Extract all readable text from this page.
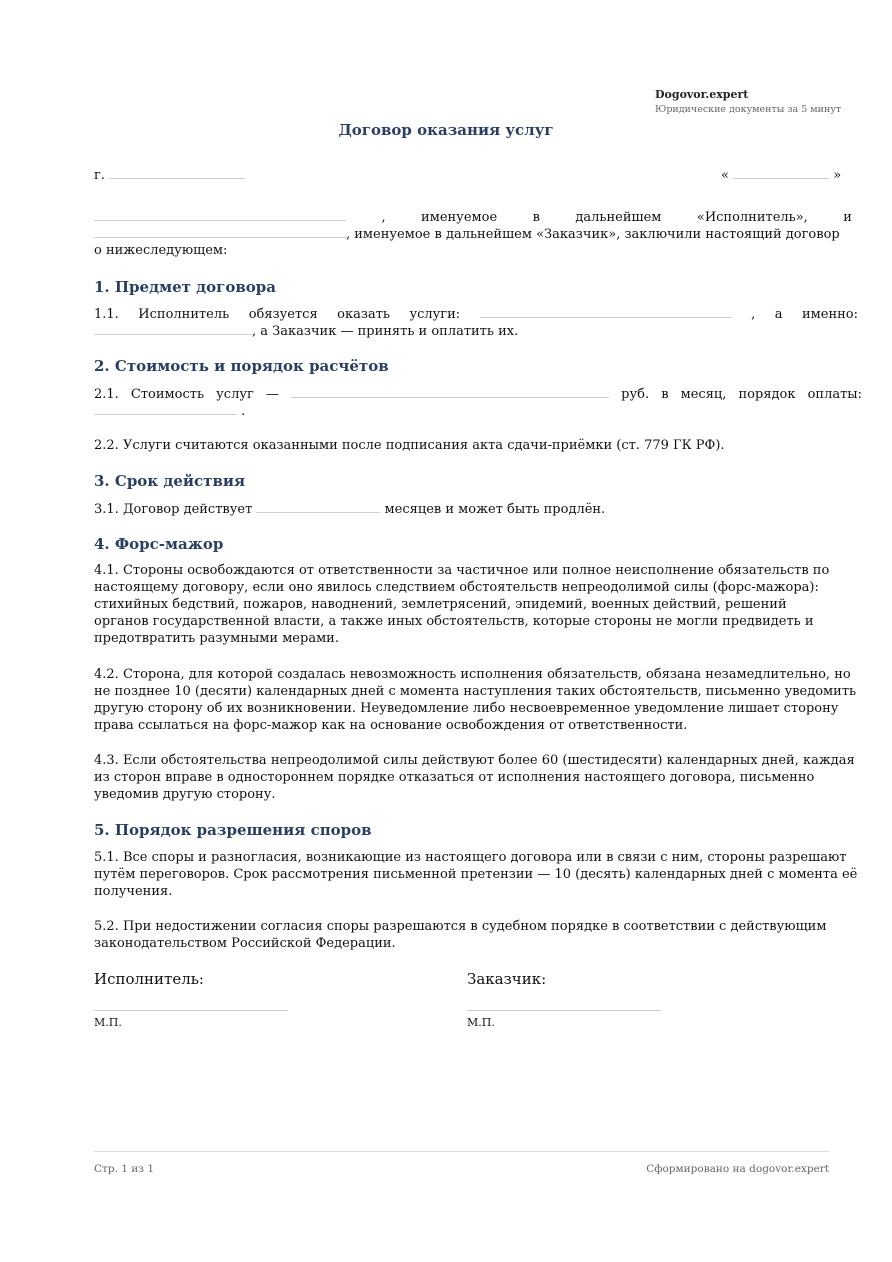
Dogovor.expert
Юридические документы за 5 минут
Договор оказания услуг
г.	«	»
,	именуемое	в	дальнейшем	«Исполнитель»,	и
, именуемое в дальнейшем «Заказчик», заключили настоящий договор
о нижеследующем:
1. Предмет договора
1.1. Исполнитель обязуется оказать услуги:	, а именно:
, а Заказчик — принять и оплатить их.
2. Стоимость и порядок расчётов
2.1. Стоимость услуг —	руб. в месяц, порядок оплаты:
.
2.2. Услуги считаются оказанными после подписания акта сдачи-приёмки (ст. 779 ГК РФ).
3. Срок действия
3.1. Договор действует	месяцев и может быть продлён.
4. Форс-мажор
4.1. Стороны освобождаются от ответственности за частичное или полное неисполнение обязательств по
настоящему договору, если оно явилось следствием обстоятельств непреодолимой силы (форс-мажора):
стихийных бедствий, пожаров, наводнений, землетрясений, эпидемий, военных действий, решений
органов государственной власти, а также иных обстоятельств, которые стороны не могли предвидеть и
предотвратить разумными мерами.
4.2. Сторона, для которой создалась невозможность исполнения обязательств, обязана незамедлительно, но
не позднее 10 (десяти) календарных дней с момента наступления таких обстоятельств, письменно уведомить
другую сторону об их возникновении. Неуведомление либо несвоевременное уведомление лишает сторону
права ссылаться на форс-мажор как на основание освобождения от ответственности.
4.3. Если обстоятельства непреодолимой силы действуют более 60 (шестидесяти) календарных дней, каждая
из сторон вправе в одностороннем порядке отказаться от исполнения настоящего договора, письменно
уведомив другую сторону.
5. Порядок разрешения споров
5.1. Все споры и разногласия, возникающие из настоящего договора или в связи с ним, стороны разрешают
путём переговоров. Срок рассмотрения письменной претензии — 10 (десять) календарных дней с момента её
получения.
5.2. При недостижении согласия споры разрешаются в судебном порядке в соответствии с действующим
законодательством Российской Федерации.
Исполнитель:	Заказчик:
М.П.	М.П.
Стр. 1 из 1	Сформировано на dogovor.expert
